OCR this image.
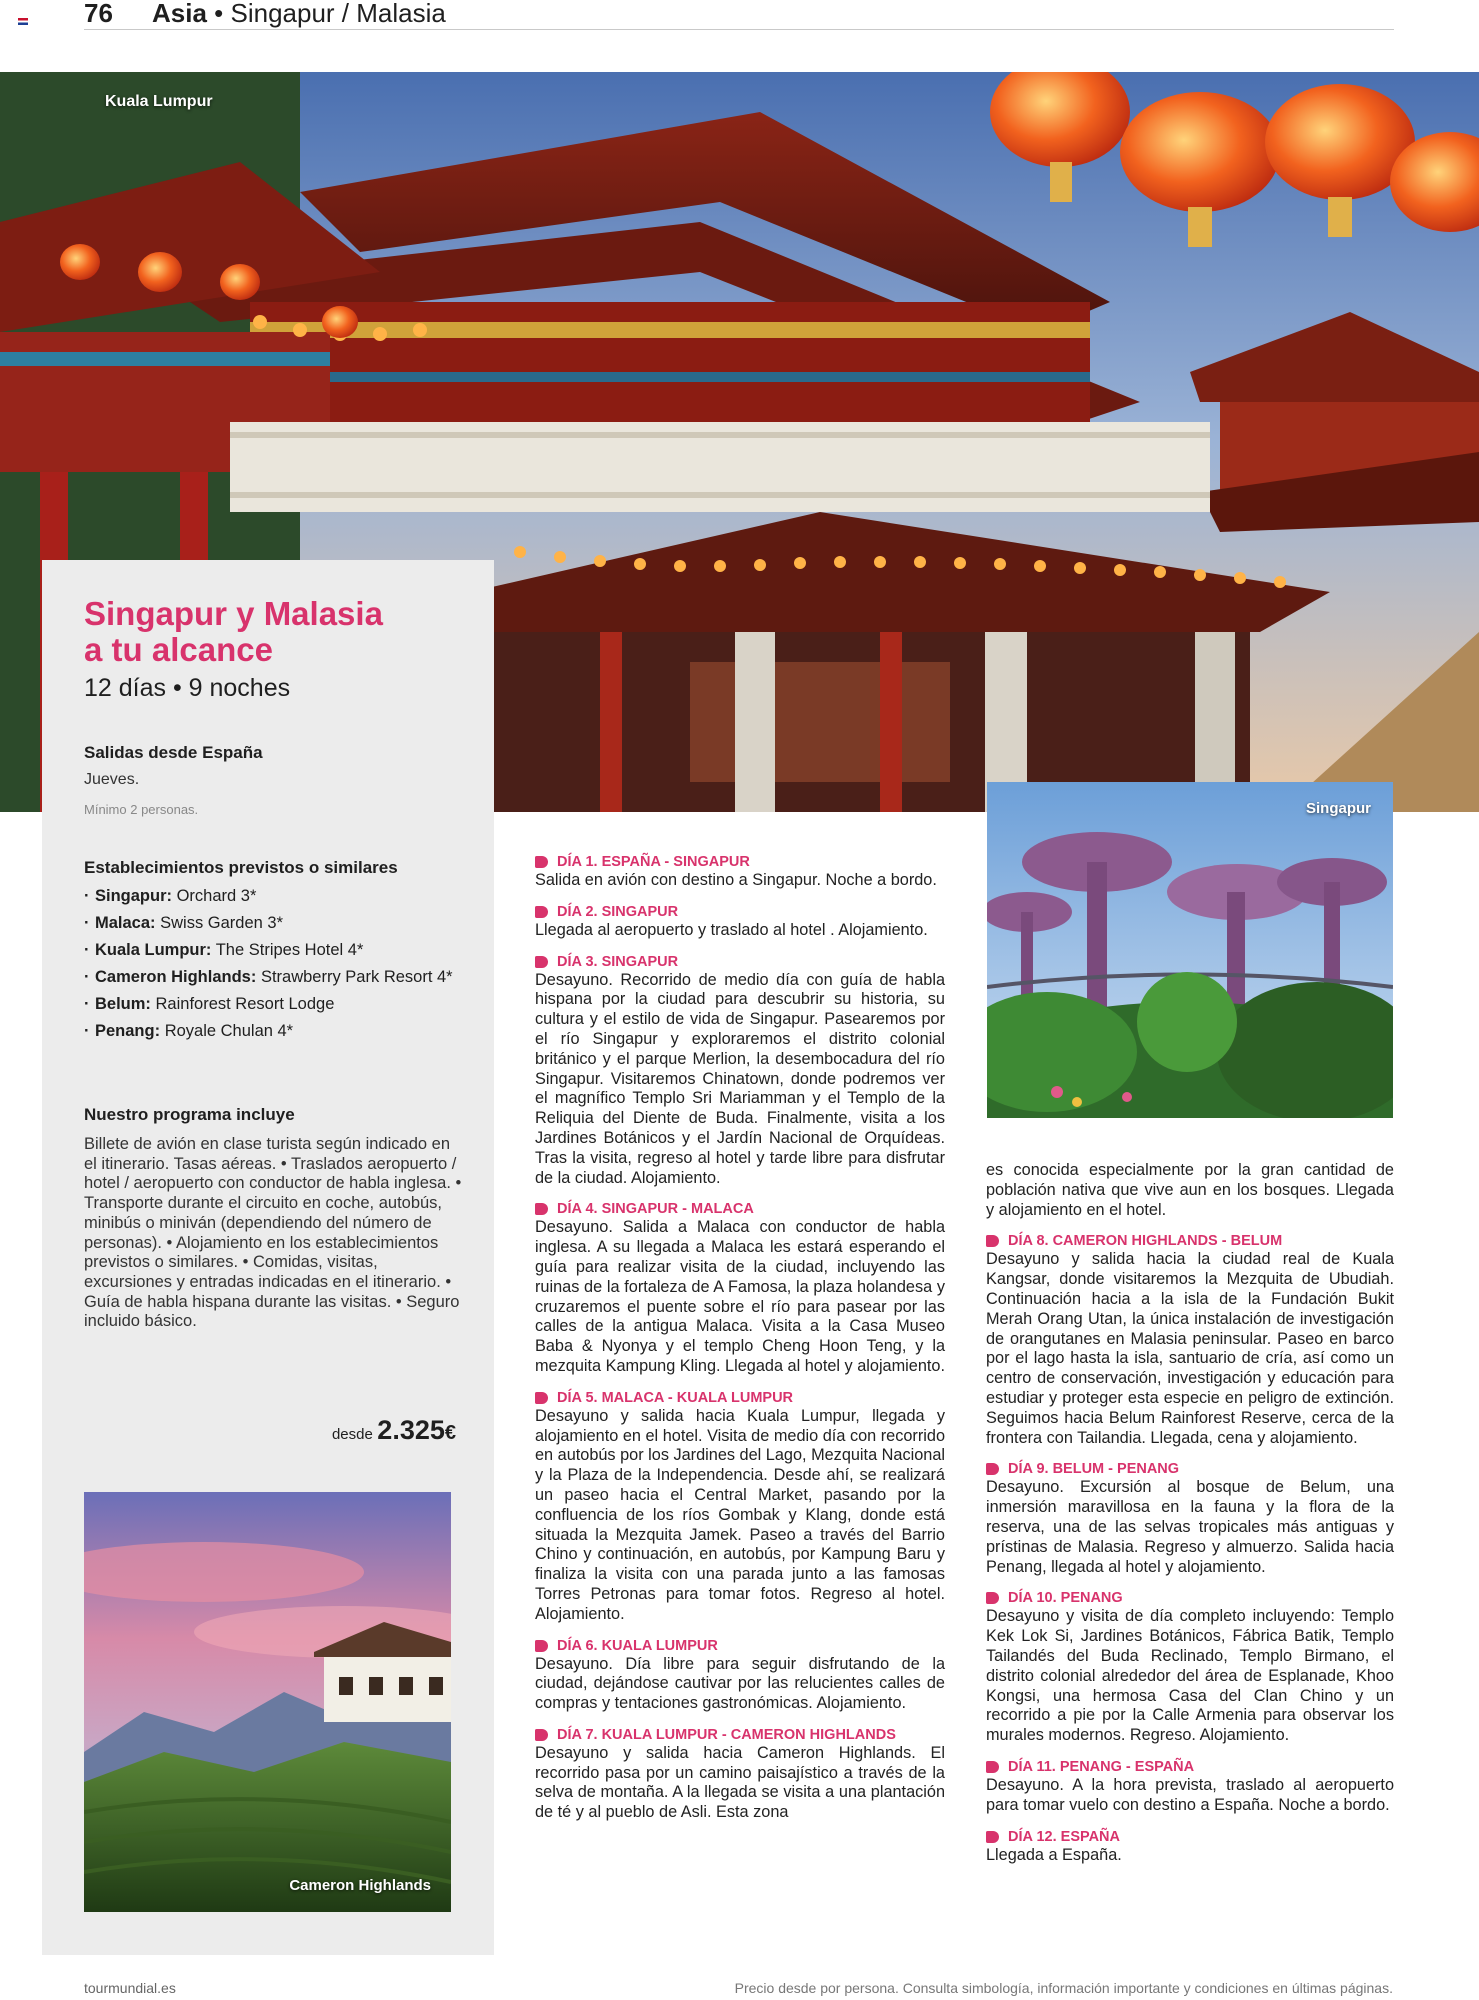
76 Asia • Singapur / Malasia
Kuala Lumpur
Singapur y Malasia
a tu alcance
12 días • 9 noches
Salidas desde España
Jueves.
Mínimo 2 personas.
Establecimientos previstos o similares
· Singapur: Orchard 3*
· Malaca: Swiss Garden 3*
· Kuala Lumpur: The Stripes Hotel 4*
· Cameron Highlands: Strawberry Park Resort 4*
· Belum: Rainforest Resort Lodge
· Penang: Royale Chulan 4*
Nuestro programa incluye
Billete de avión en clase turista según indicado en el itinerario. Tasas aéreas. • Traslados aeropuerto / hotel / aeropuerto con conductor de habla inglesa. • Transporte durante el circuito en coche, autobús, minibús o miniván (dependiendo del número de personas). • Alojamiento en los establecimientos previstos o similares. • Comidas, visitas, excursiones y entradas indicadas en el itinerario. • Guía de habla hispana durante las visitas. • Seguro incluido básico.
desde 2.325€
Cameron Highlands
DÍA 1. ESPAÑA - SINGAPUR
Salida en avión con destino a Singapur. Noche a bordo.
DÍA 2. SINGAPUR
Llegada al aeropuerto y traslado al hotel . Alojamiento.
DÍA 3. SINGAPUR
Desayuno. Recorrido de medio día con guía de habla hispana por la ciudad para descubrir su historia, su cultura y el estilo de vida de Singapur. Pasearemos por el río Singapur y exploraremos el distrito colonial británico y el parque Merlion, la desembocadura del río Singapur. Visitaremos Chinatown, donde podremos ver el magnífico Templo Sri Mariamman y el Templo de la Reliquia del Diente de Buda. Finalmente, visita a los Jardines Botánicos y el Jardín Nacional de Orquídeas. Tras la visita, regreso al hotel y tarde libre para disfrutar de la ciudad. Alojamiento.
DÍA 4. SINGAPUR - MALACA
Desayuno. Salida a Malaca con conductor de habla inglesa. A su llegada a Malaca les estará esperando el guía para realizar visita de la ciudad, incluyendo las ruinas de la fortaleza de A Famosa, la plaza holandesa y cruzaremos el puente sobre el río para pasear por las calles de la antigua Malaca. Visita a la Casa Museo Baba & Nyonya y el templo Cheng Hoon Teng, y la mezquita Kampung Kling. Llegada al hotel y alojamiento.
DÍA 5. MALACA - KUALA LUMPUR
Desayuno y salida hacia Kuala Lumpur, llegada y alojamiento en el hotel. Visita de medio día con recorrido en autobús por los Jardines del Lago, Mezquita Nacional y la Plaza de la Independencia. Desde ahí, se realizará un paseo hacia el Central Market, pasando por la confluencia de los ríos Gombak y Klang, donde está situada la Mezquita Jamek. Paseo a través del Barrio Chino y continuación, en autobús, por Kampung Baru y finaliza la visita con una parada junto a las famosas Torres Petronas para tomar fotos. Regreso al hotel. Alojamiento.
DÍA 6. KUALA LUMPUR
Desayuno. Día libre para seguir disfrutando de la ciudad, dejándose cautivar por las relucientes calles de compras y tentaciones gastronómicas. Alojamiento.
DÍA 7. KUALA LUMPUR - CAMERON HIGHLANDS
Desayuno y salida hacia Cameron Highlands. El recorrido pasa por un camino paisajístico a través de la selva de montaña. A la llegada se visita a una plantación de té y al pueblo de Asli. Esta zona
Singapur
es conocida especialmente por la gran cantidad de población nativa que vive aun en los bosques. Llegada y alojamiento en el hotel.
DÍA 8. CAMERON HIGHLANDS - BELUM
Desayuno y salida hacia la ciudad real de Kuala Kangsar, donde visitaremos la Mezquita de Ubudiah. Continuación hacia a la isla de la Fundación Bukit Merah Orang Utan, la única instalación de investigación de orangutanes en Malasia peninsular. Paseo en barco por el lago hasta la isla, santuario de cría, así como un centro de conservación, investigación y educación para estudiar y proteger esta especie en peligro de extinción. Seguimos hacia Belum Rainforest Reserve, cerca de la frontera con Tailandia. Llegada, cena y alojamiento.
DÍA 9. BELUM - PENANG
Desayuno. Excursión al bosque de Belum, una inmersión maravillosa en la fauna y la flora de la reserva, una de las selvas tropicales más antiguas y prístinas de Malasia. Regreso y almuerzo. Salida hacia Penang, llegada al hotel y alojamiento.
DÍA 10. PENANG
Desayuno y visita de día completo incluyendo: Templo Kek Lok Si, Jardines Botánicos, Fábrica Batik, Templo Tailandés del Buda Reclinado, Templo Birmano, el distrito colonial alrededor del área de Esplanade, Khoo Kongsi, una hermosa Casa del Clan Chino y un recorrido a pie por la Calle Armenia para observar los murales modernos. Regreso. Alojamiento.
DÍA 11. PENANG - ESPAÑA
Desayuno. A la hora prevista, traslado al aeropuerto para tomar vuelo con destino a España. Noche a bordo.
DÍA 12. ESPAÑA
Llegada a España.
tourmundial.es	Precio desde por persona. Consulta simbología, información importante y condiciones en últimas páginas.
